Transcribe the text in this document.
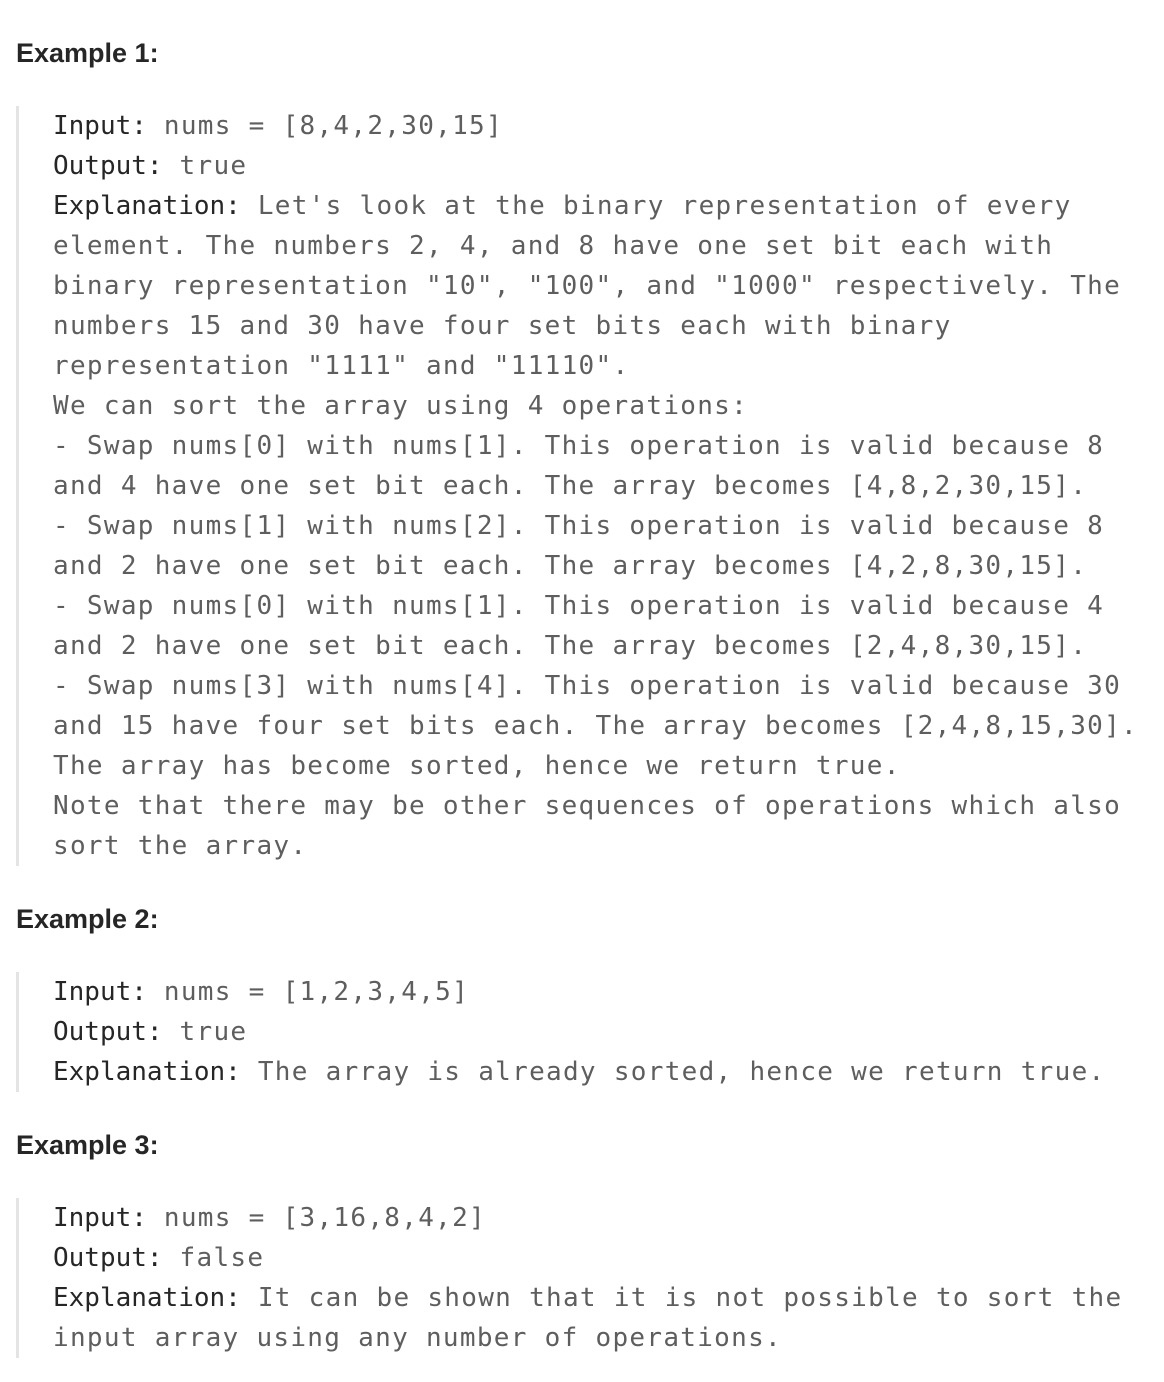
Example 1:
Input: nums = [8,4,2,30,15]
Output: true
Explanation: Let's look at the binary representation of every
element. The numbers 2, 4, and 8 have one set bit each with
binary representation "10", "100", and "1000" respectively. The
numbers 15 and 30 have four set bits each with binary
representation "1111" and "11110".
We can sort the array using 4 operations:
- Swap nums[0] with nums[1]. This operation is valid because 8
and 4 have one set bit each. The array becomes [4,8,2,30,15].
- Swap nums[1] with nums[2]. This operation is valid because 8
and 2 have one set bit each. The array becomes [4,2,8,30,15].
- Swap nums[0] with nums[1]. This operation is valid because 4
and 2 have one set bit each. The array becomes [2,4,8,30,15].
- Swap nums[3] with nums[4]. This operation is valid because 30
and 15 have four set bits each. The array becomes [2,4,8,15,30].
The array has become sorted, hence we return true.
Note that there may be other sequences of operations which also
sort the array.
Example 2:
Input: nums = [1,2,3,4,5]
Output: true
Explanation: The array is already sorted, hence we return true.
Example 3:
Input: nums = [3,16,8,4,2]
Output: false
Explanation: It can be shown that it is not possible to sort the
input array using any number of operations.
